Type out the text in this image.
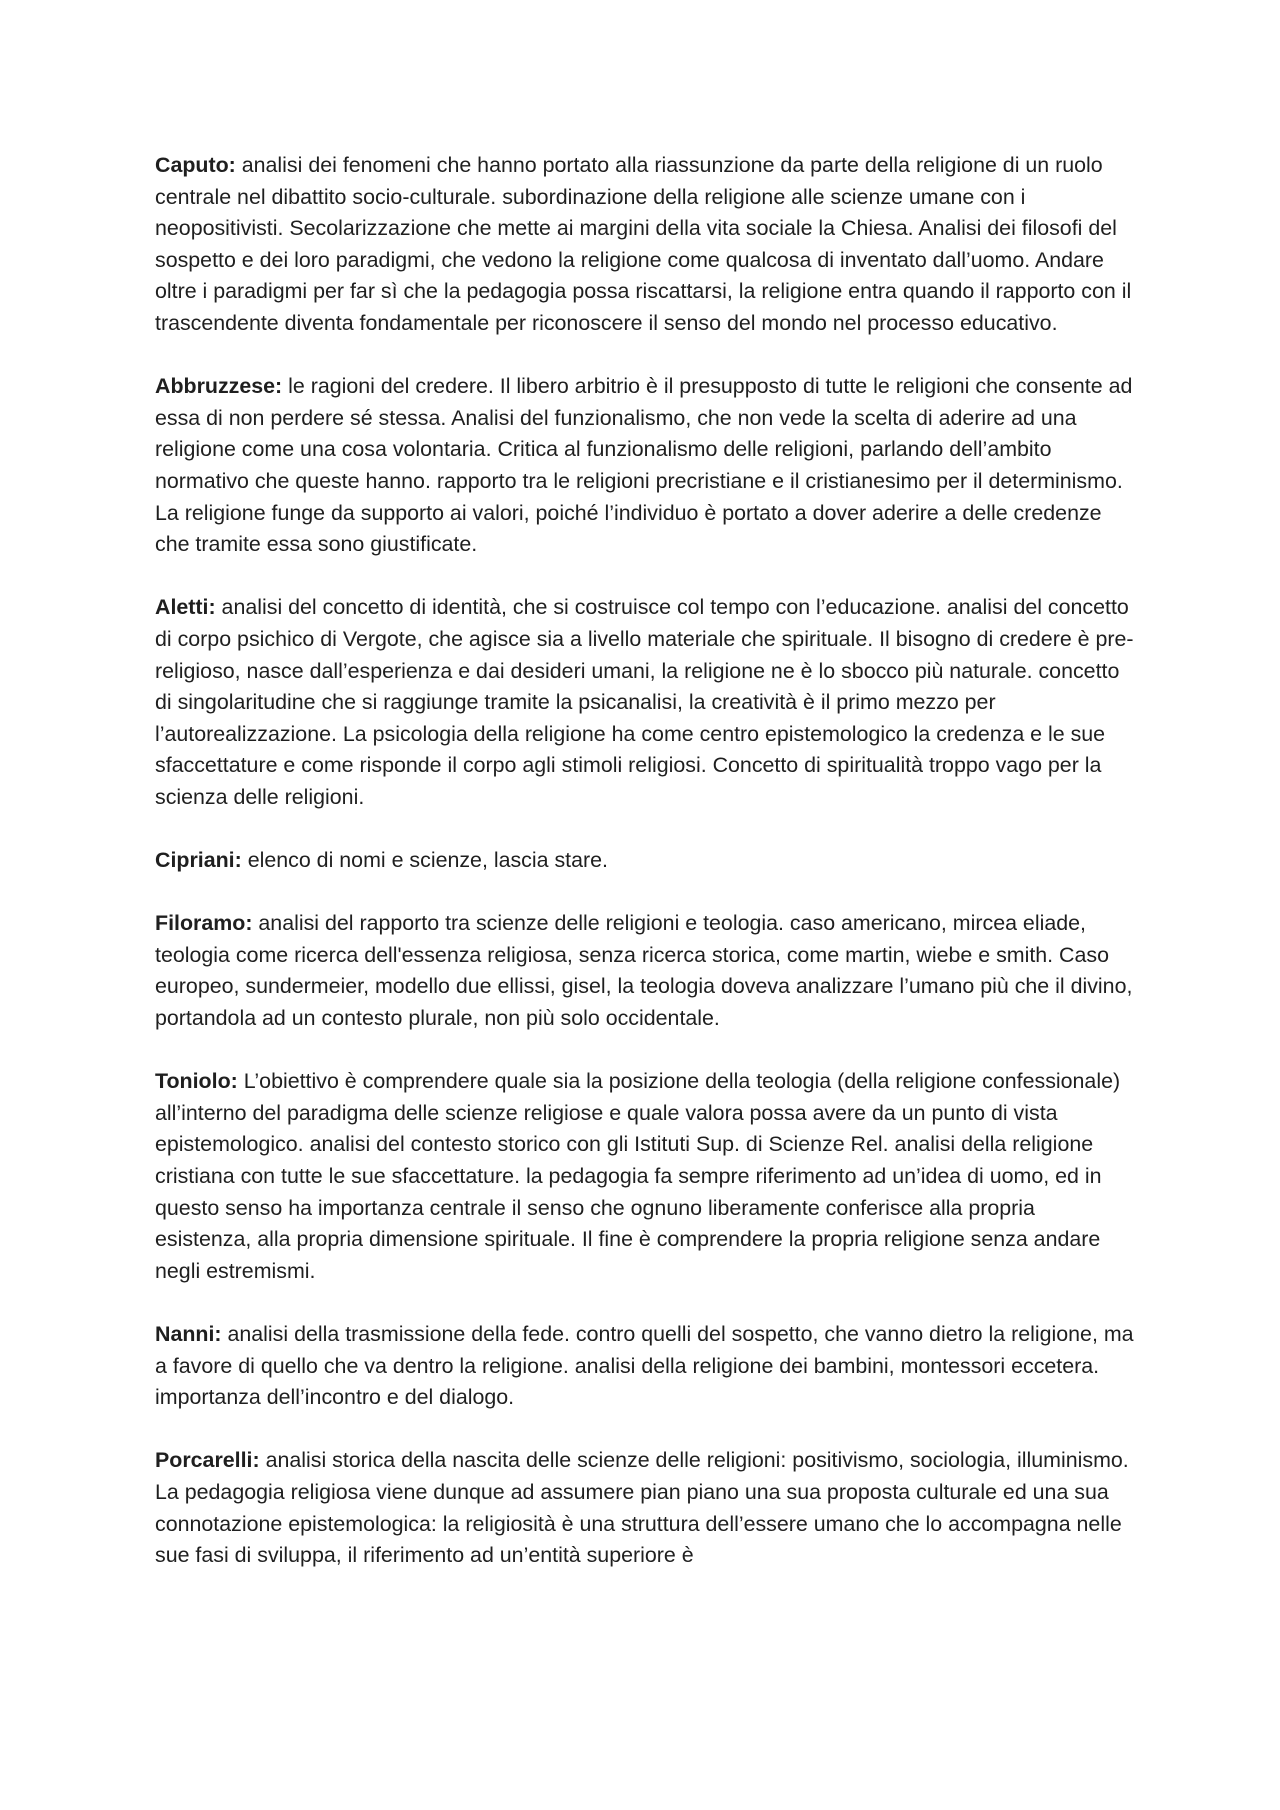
Caputo: analisi dei fenomeni che hanno portato alla riassunzione da parte della religione di un ruolo centrale nel dibattito socio-culturale. subordinazione della religione alle scienze umane con i neopositivisti. Secolarizzazione che mette ai margini della vita sociale la Chiesa. Analisi dei filosofi del sospetto e dei loro paradigmi, che vedono la religione come qualcosa di inventato dall’uomo. Andare oltre i paradigmi per far sì che la pedagogia possa riscattarsi, la religione entra quando il rapporto con il trascendente diventa fondamentale per riconoscere il senso del mondo nel processo educativo.

Abbruzzese: le ragioni del credere. Il libero arbitrio è il presupposto di tutte le religioni che consente ad essa di non perdere sé stessa. Analisi del funzionalismo, che non vede la scelta di aderire ad una religione come una cosa volontaria. Critica al funzionalismo delle religioni, parlando dell’ambito normativo che queste hanno. rapporto tra le religioni precristiane e il cristianesimo per il determinismo. La religione funge da supporto ai valori, poiché l’individuo è portato a dover aderire a delle credenze che tramite essa sono giustificate.

Aletti: analisi del concetto di identità, che si costruisce col tempo con l’educazione. analisi del concetto di corpo psichico di Vergote, che agisce sia a livello materiale che spirituale. Il bisogno di credere è pre-religioso, nasce dall’esperienza e dai desideri umani, la religione ne è lo sbocco più naturale. concetto di singolaritudine che si raggiunge tramite la psicanalisi, la creatività è il primo mezzo per l’autorealizzazione. La psicologia della religione ha come centro epistemologico la credenza e le sue sfaccettature e come risponde il corpo agli stimoli religiosi. Concetto di spiritualità troppo vago per la scienza delle religioni.

Cipriani: elenco di nomi e scienze, lascia stare.

Filoramo: analisi del rapporto tra scienze delle religioni e teologia. caso americano, mircea eliade, teologia come ricerca dell'essenza religiosa, senza ricerca storica, come martin, wiebe e smith. Caso europeo, sundermeier, modello due ellissi, gisel, la teologia doveva analizzare l’umano più che il divino, portandola ad un contesto plurale, non più solo occidentale.

Toniolo: L’obiettivo è comprendere quale sia la posizione della teologia (della religione confessionale) all’interno del paradigma delle scienze religiose e quale valora possa avere da un punto di vista epistemologico. analisi del contesto storico con gli Istituti Sup. di Scienze Rel. analisi della religione cristiana con tutte le sue sfaccettature. la pedagogia fa sempre riferimento ad un’idea di uomo, ed in questo senso ha importanza centrale il senso che ognuno liberamente conferisce alla propria esistenza, alla propria dimensione spirituale. Il fine è comprendere la propria religione senza andare negli estremismi.

Nanni: analisi della trasmissione della fede. contro quelli del sospetto, che vanno dietro la religione, ma a favore di quello che va dentro la religione. analisi della religione dei bambini, montessori eccetera. importanza dell’incontro e del dialogo.

Porcarelli: analisi storica della nascita delle scienze delle religioni: positivismo, sociologia, illuminismo. La pedagogia religiosa viene dunque ad assumere pian piano una sua proposta culturale ed una sua connotazione epistemologica: la religiosità è una struttura dell’essere umano che lo accompagna nelle sue fasi di sviluppa, il riferimento ad un’entità superiore è
